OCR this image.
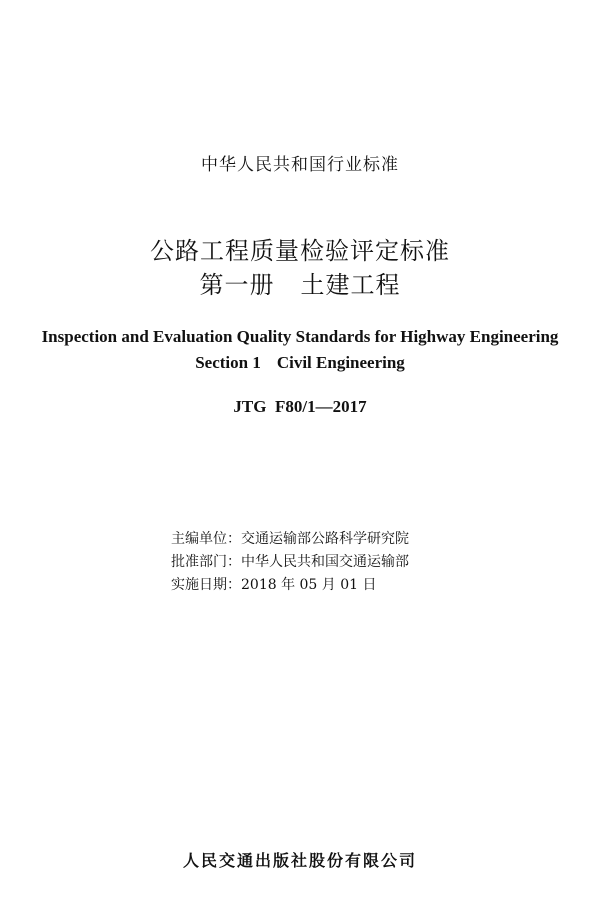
中华人民共和国行业标准
公路工程质量检验评定标准
第一册 土建工程
Inspection and Evaluation Quality Standards for Highway Engineering
Section 1 Civil Engineering
JTG  F80/1—2017
主编单位：交通运输部公路科学研究院
批准部门：中华人民共和国交通运输部
实施日期：2018 年 05 月 01 日
人民交通出版社股份有限公司
